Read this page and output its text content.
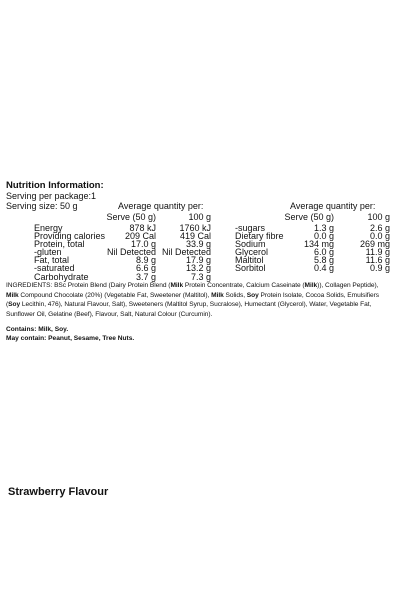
Nutrition Information:
Serving per package:1
Serving size: 50 g	Average quantity per:	Average quantity per:
Serve (50 g)	100 g	Serve (50 g)	100 g
Energy	878 kJ	1760 kJ	-sugars	1.3 g	2.6 g
Providing calories 209 Cal	419 Cal	Dietary fibre	0.0 g	0.0 g
Protein, total	17.0 g	33.9 g	Sodium	134 mg	269 mg
-gluten	Nil Detected Nil Detected	Glycerol	6.0 g	11.9 g
Fat, total	8.9 g	17.9 g	Maltitol	5.8 g	11.6 g
-saturated	6.6 g	13.2 g	Sorbitol	0.4 g	0.9 g
Carbohydrate	3.7 g	7.3 g
INGREDIENTS: BSc Protein Blend (Dairy Protein Blend (Milk Protein Concentrate, Calcium Caseinate (Milk)), Collagen Peptide), Milk Compound Chocolate (20%) (Vegetable Fat, Sweetener (Maltitol), Milk Solids, Soy Protein Isolate, Cocoa Solids, Emulsifiers (Soy Lecithin, 476), Natural Flavour, Salt), Sweeteners (Maltitol Syrup, Sucralose), Humectant (Glycerol), Water, Vegetable Fat, Sunflower Oil, Gelatine (Beef), Flavour, Salt, Natural Colour (Curcumin).
Contains: Milk, Soy.
May contain: Peanut, Sesame, Tree Nuts.
Strawberry Flavour
